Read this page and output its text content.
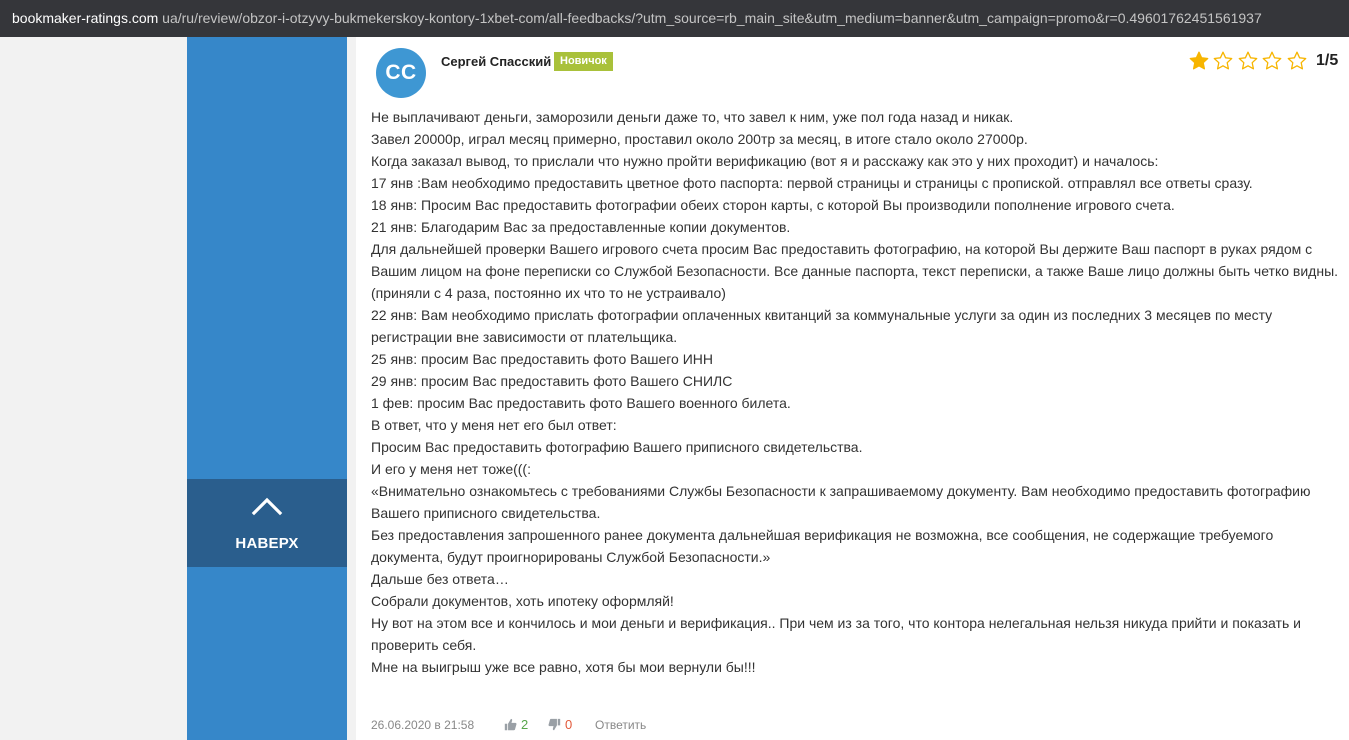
bookmaker-ratings.com ua/ru/review/obzor-i-otzyvy-bukmekerskoy-kontory-1xbet-com/all-feedbacks/?utm_source=rb_main_site&utm_medium=banner&utm_campaign=promo&r=0.49601762451561937
НАВЕРХ
СС	Сергей Спасский Новичок	1/5

Не выплачивают деньги, заморозили деньги даже то, что завел к ним, уже пол года назад и никак.

Завел 20000р, играл месяц примерно, проставил около 200тр за месяц, в итоге стало около 27000р.

Когда заказал вывод, то прислали что нужно пройти верификацию (вот я и расскажу как это у них проходит) и началось:

17 янв :Вам необходимо предоставить цветное фото паспорта: первой страницы и страницы с пропиской. отправлял все ответы сразу.

18 янв: Просим Вас предоставить фотографии обеих сторон карты, с которой Вы производили пополнение игрового счета.

21 янв: Благодарим Вас за предоставленные копии документов.

Для дальнейшей проверки Вашего игрового счета просим Вас предоставить фотографию, на которой Вы держите Ваш паспорт в руках рядом с Вашим лицом на фоне переписки со Службой Безопасности. Все данные паспорта, текст переписки, а также Ваше лицо должны быть четко видны. (приняли с 4 раза, постоянно их что то не устраивало)

22 янв: Вам необходимо прислать фотографии оплаченных квитанций за коммунальные услуги за один из последних 3 месяцев по месту регистрации вне зависимости от плательщика.

25 янв: просим Вас предоставить фото Вашего ИНН

29 янв: просим Вас предоставить фото Вашего СНИЛС

1 фев: просим Вас предоставить фото Вашего военного билета.

В ответ, что у меня нет его был ответ:

Просим Вас предоставить фотографию Вашего приписного свидетельства.

И его у меня нет тоже(((:

«Внимательно ознакомьтесь с требованиями Службы Безопасности к запрашиваемому документу. Вам необходимо предоставить фотографию Вашего приписного свидетельства.

Без предоставления запрошенного ранее документа дальнейшая верификация не возможна, все сообщения, не содержащие требуемого документа, будут проигнорированы Службой Безопасности.»

Дальше без ответа…

Собрали документов, хоть ипотеку оформляй!

Ну вот на этом все и кончилось и мои деньги и верификация.. При чем из за того, что контора нелегальная нельзя никуда прийти и показать и проверить себя.

Мне на выигрыш уже все равно, хотя бы мои вернули бы!!!

26.06.2020 в 21:58	2	0 Ответить
